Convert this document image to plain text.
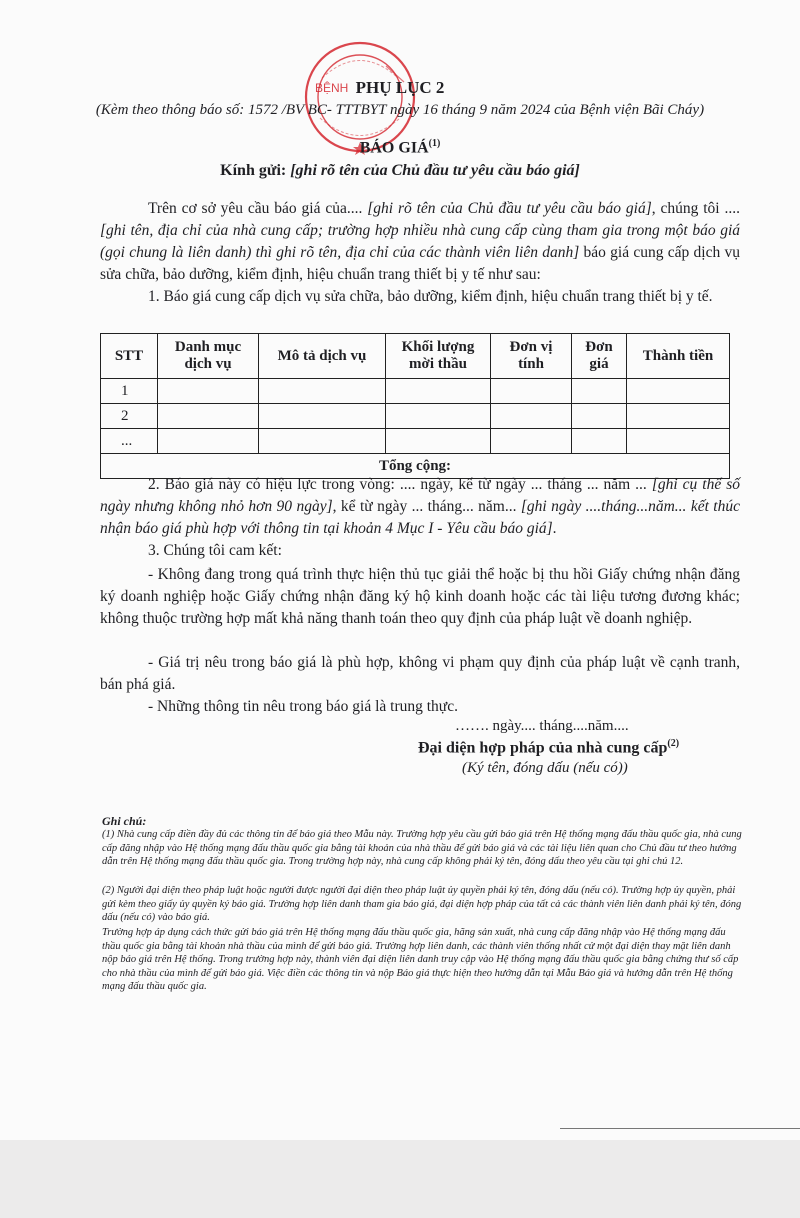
BỆNH PHỤ LỤC 2
(Kèm theo thông báo số: 1572 /BV BC- TTTBYT ngày 16 tháng 9 năm 2024 của Bệnh viện Bãi Cháy)
BÁO GIÁ$^{(1)}$
Kính gửi: [ghi rõ tên của Chủ đầu tư yêu cầu báo giá]
Trên cơ sở yêu cầu báo giá của.... [ghi rõ tên của Chủ đầu tư yêu cầu báo giá], chúng tôi .... [ghi tên, địa chỉ của nhà cung cấp; trường hợp nhiều nhà cung cấp cùng tham gia trong một báo giá (gọi chung là liên danh) thì ghi rõ tên, địa chỉ của các thành viên liên danh] báo giá cung cấp dịch vụ sửa chữa, bảo dưỡng, kiểm định, hiệu chuẩn trang thiết bị y tế như sau:
1. Báo giá cung cấp dịch vụ sửa chữa, bảo dưỡng, kiểm định, hiệu chuẩn trang thiết bị y tế.
STT	Danh mục dịch vụ	Mô tả dịch vụ	Khối lượng mời thầu	Đơn vị tính	Đơn giá	Thành tiền
1						
2						
...						
Tổng cộng:						
2. Báo giá này có hiệu lực trong vòng: .... ngày, kể từ ngày ... tháng ... năm ... [ghi cụ thể số ngày nhưng không nhỏ hơn 90 ngày], kể từ ngày ... tháng... năm... [ghi ngày ....tháng...năm... kết thúc nhận báo giá phù hợp với thông tin tại khoản 4 Mục I - Yêu cầu báo giá].
3. Chúng tôi cam kết:
- Không đang trong quá trình thực hiện thủ tục giải thể hoặc bị thu hồi Giấy chứng nhận đăng ký doanh nghiệp hoặc Giấy chứng nhận đăng ký hộ kinh doanh hoặc các tài liệu tương đương khác; không thuộc trường hợp mất khả năng thanh toán theo quy định của pháp luật về doanh nghiệp.
- Giá trị nêu trong báo giá là phù hợp, không vi phạm quy định của pháp luật về cạnh tranh, bán phá giá.
- Những thông tin nêu trong báo giá là trung thực.
……. ngày.... tháng....năm....
Đại diện hợp pháp của nhà cung cấp$^{(2)}$
(Ký tên, đóng dấu (nếu có))
Ghi chú:
(1) Nhà cung cấp điền đầy đủ các thông tin để báo giá theo Mẫu này. Trường hợp yêu cầu gửi báo giá trên Hệ thống mạng đấu thầu quốc gia, nhà cung cấp đăng nhập vào Hệ thống mạng đấu thầu quốc gia bằng tài khoản của nhà thầu để gửi báo giá và các tài liệu liên quan cho Chủ đầu tư theo hướng dẫn trên Hệ thống mạng đấu thầu quốc gia. Trong trường hợp này, nhà cung cấp không phải ký tên, đóng dấu theo yêu cầu tại ghi chú 12.
(2) Người đại diện theo pháp luật hoặc người được người đại diện theo pháp luật ủy quyền phải ký tên, đóng dấu (nếu có). Trường hợp ủy quyền, phải gửi kèm theo giấy ủy quyền ký báo giá. Trường hợp liên danh tham gia báo giá, đại diện hợp pháp của tất cả các thành viên liên danh phải ký tên, đóng dấu (nếu có) vào báo giá.
Trường hợp áp dụng cách thức gửi báo giá trên Hệ thống mạng đấu thầu quốc gia, hãng sản xuất, nhà cung cấp đăng nhập vào Hệ thống mạng đấu thầu quốc gia bằng tài khoản nhà thầu của mình để gửi báo giá. Trường hợp liên danh, các thành viên thống nhất cử một đại diện thay mặt liên danh nộp báo giá trên Hệ thống. Trong trường hợp này, thành viên đại diện liên danh truy cập vào Hệ thống mạng đấu thầu quốc gia bằng chứng thư số cấp cho nhà thầu của mình để gửi báo giá. Việc điền các thông tin và nộp Báo giá thực hiện theo hướng dẫn tại Mẫu Báo giá và hướng dẫn trên Hệ thống mạng đấu thầu quốc gia.
